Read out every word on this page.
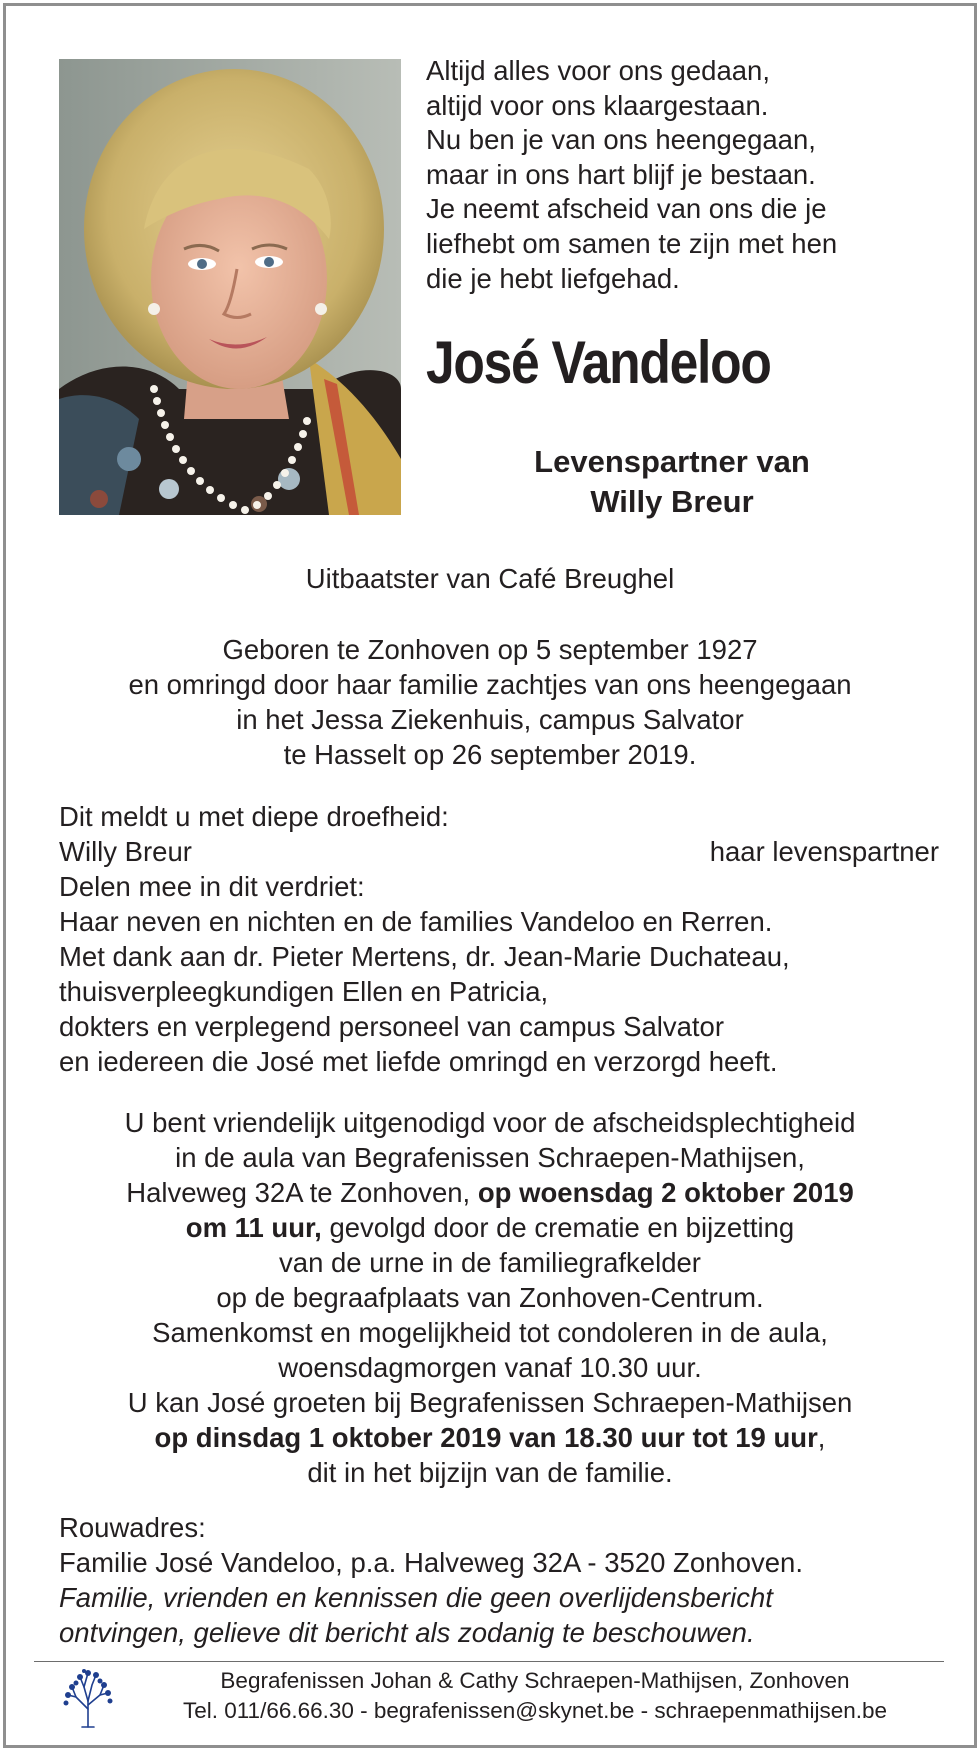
Altijd alles voor ons gedaan,
altijd voor ons klaargestaan.
Nu ben je van ons heengegaan,
maar in ons hart blijf je bestaan.
Je neemt afscheid van ons die je
liefhebt om samen te zijn met hen
die je hebt liefgehad.
José Vandeloo
Levenspartner van
Willy Breur
Uitbaatster van Café Breughel
Geboren te Zonhoven op 5 september 1927
en omringd door haar familie zachtjes van ons heengegaan
in het Jessa Ziekenhuis, campus Salvator
te Hasselt op 26 september 2019.
Dit meldt u met diepe droefheid:
Willy Breur	haar levenspartner
Delen mee in dit verdriet:
Haar neven en nichten en de families Vandeloo en Rerren.
Met dank aan dr. Pieter Mertens, dr. Jean-Marie Duchateau,
thuisverpleegkundigen Ellen en Patricia,
dokters en verplegend personeel van campus Salvator
en iedereen die José met liefde omringd en verzorgd heeft.
U bent vriendelijk uitgenodigd voor de afscheidsplechtigheid
in de aula van Begrafenissen Schraepen-Mathijsen,
Halveweg 32A te Zonhoven, op woensdag 2 oktober 2019
om 11 uur, gevolgd door de crematie en bijzetting
van de urne in de familiegrafkelder
op de begraafplaats van Zonhoven-Centrum.
Samenkomst en mogelijkheid tot condoleren in de aula,
woensdagmorgen vanaf 10.30 uur.
U kan José groeten bij Begrafenissen Schraepen-Mathijsen
op dinsdag 1 oktober 2019 van 18.30 uur tot 19 uur,
dit in het bijzijn van de familie.
Rouwadres:
Familie José Vandeloo, p.a. Halveweg 32A - 3520 Zonhoven.
Familie, vrienden en kennissen die geen overlijdensbericht
ontvingen, gelieve dit bericht als zodanig te beschouwen.
Begrafenissen Johan & Cathy Schraepen-Mathijsen, Zonhoven
Tel. 011/66.66.30 - begrafenissen@skynet.be - schraepenmathijsen.be
